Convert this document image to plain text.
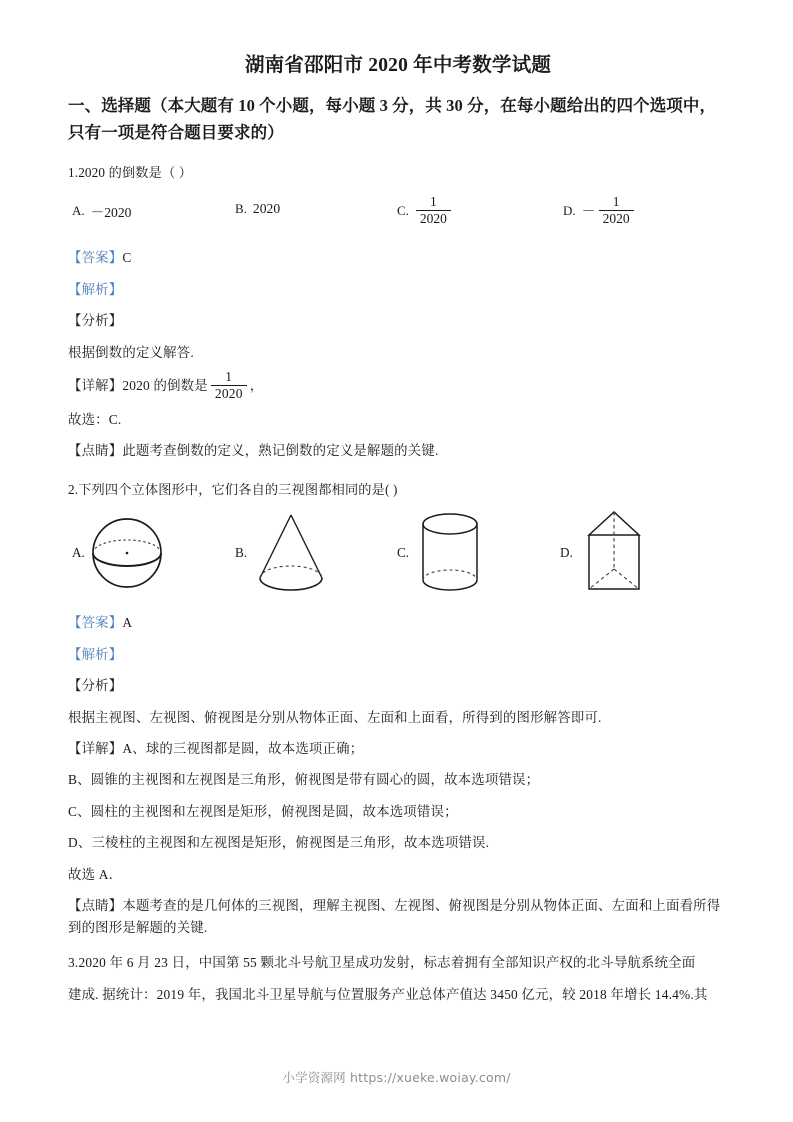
湖南省邵阳市 2020 年中考数学试题
一、选择题（本大题有 10 个小题，每小题 3 分，共 30 分，在每小题给出的四个选项中，只有一项是符合题目要求的）
1.2020 的倒数是（ ）
A. －2020	B. 2020	C. $\frac{1}{2020}$	D. － $\frac{1}{2020}$
【答案】C
【解析】
【分析】
根据倒数的定义解答.
【详解】 2020 的倒数是 $\frac{1}{2020}$ ，
故选：C.
【点睛】此题考查倒数的定义，熟记倒数的定义是解题的关键.
2.下列四个立体图形中，它们各自的三视图都相同的是( )
A.	B.	C.	D.
【答案】A
【解析】
【分析】
根据主视图、左视图、俯视图是分别从物体正面、左面和上面看，所得到的图形解答即可.
【详解】A、球的三视图都是圆，故本选项正确；
B、圆锥的主视图和左视图是三角形，俯视图是带有圆心的圆，故本选项错误；
C、圆柱的主视图和左视图是矩形，俯视图是圆，故本选项错误；
D、三棱柱的主视图和左视图是矩形，俯视图是三角形，故本选项错误.
故选 A．
【点睛】本题考查的是几何体的三视图，理解主视图、左视图、俯视图是分别从物体正面、左面和上面看所得到的图形是解题的关键.
3.2020 年 6 月 23 日，中国第 55 颗北斗号航卫星成功发射，标志着拥有全部知识产权的北斗导航系统全面
建成. 据统计：2019 年，我国北斗卫星导航与位置服务产业总体产值达 3450 亿元，较 2018 年增长 14.4%.其
小学资源网 https://xueke.woiay.com/
